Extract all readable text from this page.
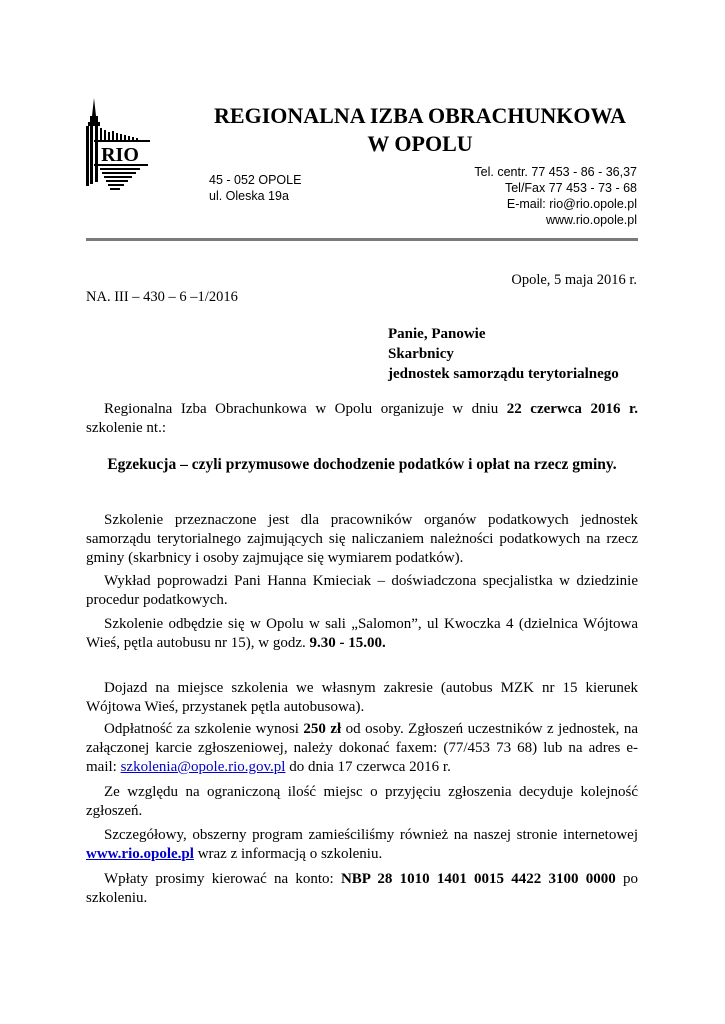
RIO
REGIONALNA IZBA OBRACHUNKOWA
W OPOLU
45 - 052 OPOLE
ul. Oleska 19a
Tel. centr. 77 453 - 86 - 36,37
Tel/Fax 77 453 - 73 - 68
E-mail: rio@rio.opole.pl
www.rio.opole.pl
Opole, 5 maja 2016 r.
NA. III – 430 – 6 –1/2016
Panie, Panowie
Skarbnicy
jednostek samorządu terytorialnego
Regionalna Izba Obrachunkowa w Opolu organizuje w dniu 22 czerwca 2016 r. szkolenie nt.:
Egzekucja – czyli przymusowe dochodzenie podatków i opłat na rzecz gminy.
Szkolenie przeznaczone jest dla pracowników organów podatkowych jednostek samorządu terytorialnego zajmujących się naliczaniem należności podatkowych na rzecz gminy (skarbnicy i osoby zajmujące się wymiarem podatków).
Wykład poprowadzi Pani Hanna Kmieciak – doświadczona specjalistka w dziedzinie procedur podatkowych.
Szkolenie odbędzie się w Opolu w sali „Salomon”, ul Kwoczka 4 (dzielnica Wójtowa Wieś, pętla autobusu nr 15), w godz. 9.30 - 15.00.
Dojazd na miejsce szkolenia we własnym zakresie (autobus MZK nr 15 kierunek Wójtowa Wieś, przystanek pętla autobusowa).
Odpłatność za szkolenie wynosi 250 zł od osoby. Zgłoszeń uczestników z jednostek, na załączonej karcie zgłoszeniowej, należy dokonać faxem: (77/453 73 68) lub na adres e-mail: szkolenia@opole.rio.gov.pl do dnia 17 czerwca 2016 r.
Ze względu na ograniczoną ilość miejsc o przyjęciu zgłoszenia decyduje kolejność zgłoszeń.
Szczegółowy, obszerny program zamieściliśmy również na naszej stronie internetowej www.rio.opole.pl wraz z informacją o szkoleniu.
Wpłaty prosimy kierować na konto: NBP 28 1010 1401 0015 4422 3100 0000 po szkoleniu.
